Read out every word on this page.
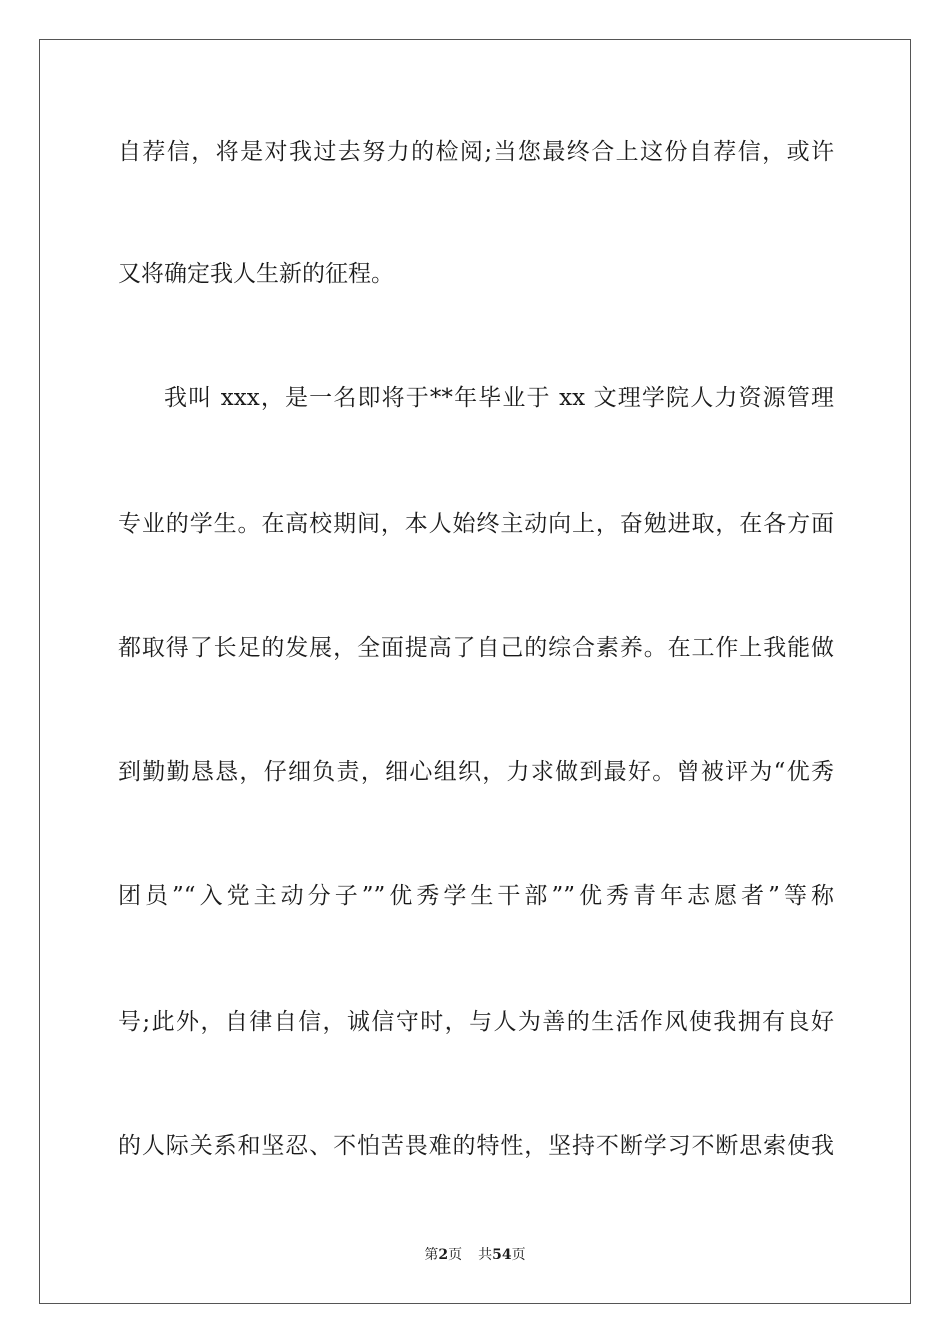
自荐信，将是对我过去努力的检阅;当您最终合上这份自荐信，或许
又将确定我人生新的征程。
我叫 xxx，是一名即将于**年毕业于 xx 文理学院人力资源管理
专业的学生。在高校期间，本人始终主动向上，奋勉进取，在各方面
都取得了长足的发展，全面提高了自己的综合素养。在工作上我能做
到勤勤恳恳，仔细负责，细心组织，力求做到最好。曾被评为“优秀
团员”“入党主动分子””优秀学生干部””优秀青年志愿者”等称
号;此外，自律自信，诚信守时，与人为善的生活作风使我拥有良好
的人际关系和坚忍、不怕苦畏难的特性，坚持不断学习不断思索使我
第2页 共54页
